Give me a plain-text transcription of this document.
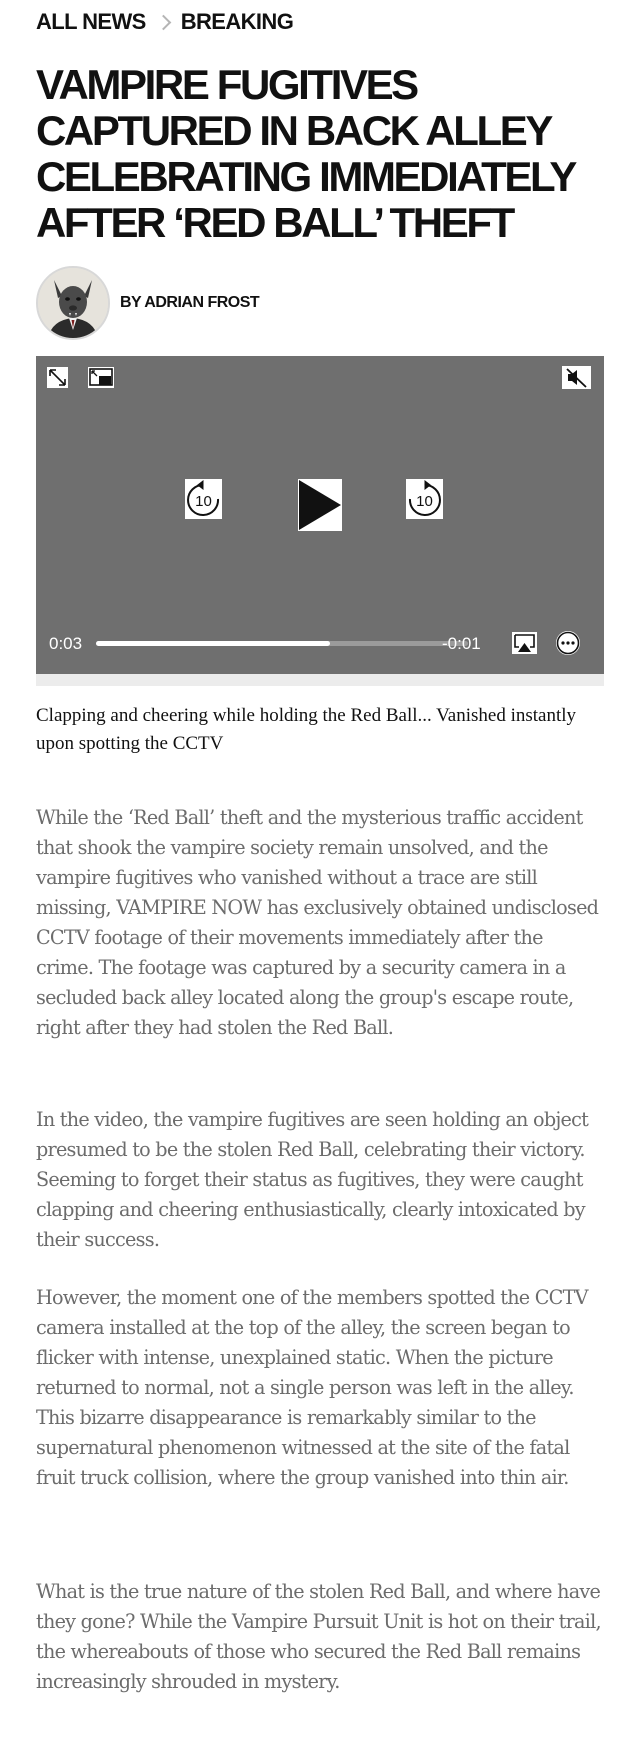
ALL NEWS BREAKING
VAMPIRE FUGITIVES CAPTURED IN BACK ALLEY CELEBRATING IMMEDIATELY AFTER ‘RED BALL’ THEFT
BY ADRIAN FROST
10	10
0:03	-0:01

Clapping and cheering while holding the Red Ball... Vanished instantly upon spotting the CCTV

While the ‘Red Ball’ theft and the mysterious traffic accident that shook the vampire society remain unsolved, and the vampire fugitives who vanished without a trace are still missing, VAMPIRE NOW has exclusively obtained undisclosed CCTV footage of their movements immediately after the crime. The footage was captured by a security camera in a secluded back alley located along the group's escape route, right after they had stolen the Red Ball.

In the video, the vampire fugitives are seen holding an object presumed to be the stolen Red Ball, celebrating their victory. Seeming to forget their status as fugitives, they were caught clapping and cheering enthusiastically, clearly intoxicated by their success.

However, the moment one of the members spotted the CCTV camera installed at the top of the alley, the screen began to flicker with intense, unexplained static. When the picture returned to normal, not a single person was left in the alley. This bizarre disappearance is remarkably similar to the supernatural phenomenon witnessed at the site of the fatal fruit truck collision, where the group vanished into thin air.

What is the true nature of the stolen Red Ball, and where have they gone? While the Vampire Pursuit Unit is hot on their trail, the whereabouts of those who secured the Red Ball remains increasingly shrouded in mystery.
